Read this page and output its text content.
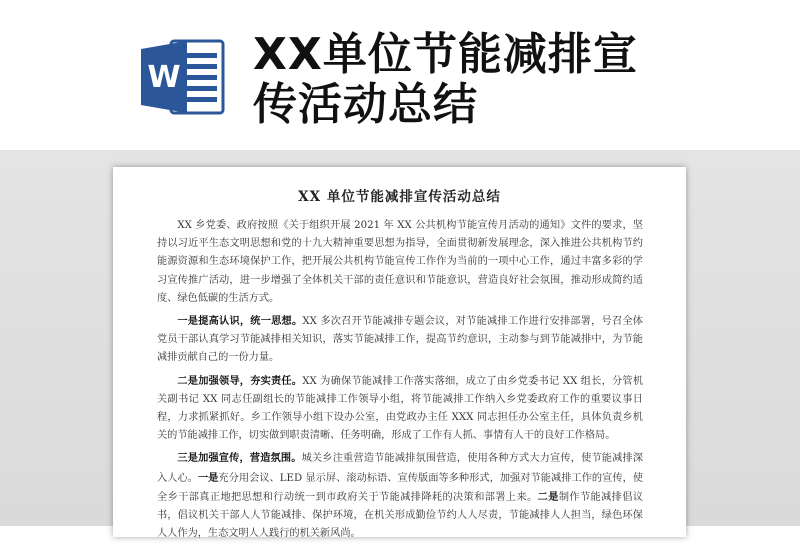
W XX单位节能减排宣
传活动总结
XX 单位节能减排宣传活动总结

XX 乡党委、政府按照《关于组织开展 2021 年 XX 公共机构节能宣传月活动的通知》文件的要求，坚持以习近平生态文明思想和党的十九大精神重要思想为指导，全面贯彻新发展理念，深入推进公共机构节约能源资源和生态环境保护工作，把开展公共机构节能宣传工作作为当前的一项中心工作，通过丰富多彩的学习宣传推广活动，进一步增强了全体机关干部的责任意识和节能意识，营造良好社会氛围，推动形成简约适度、绿色低碳的生活方式。

一是提高认识，统一思想。XX 多次召开节能减排专题会议，对节能减排工作进行安排部署，号召全体党员干部认真学习节能减排相关知识，落实节能减排工作，提高节约意识，主动参与到节能减排中，为节能减排贡献自己的一份力量。

二是加强领导，夯实责任。XX 为确保节能减排工作落实落细，成立了由乡党委书记 XX 组长，分管机关副书记 XX 同志任副组长的节能减排工作领导小组，将节能减排工作纳入乡党委政府工作的重要议事日程，力求抓紧抓好。乡工作领导小组下设办公室，由党政办主任 XXX 同志担任办公室主任，具体负责乡机关的节能减排工作，切实做到职责清晰、任务明确，形成了工作有人抓、事情有人干的良好工作格局。

三是加强宣传，营造氛围。城关乡注重营造节能减排氛围营造，使用各种方式大力宣传，使节能减排深入人心。一是充分用会议、LED 显示屏、滚动标语、宣传版面等多种形式，加强对节能减排工作的宣传，使全乡干部真正地把思想和行动统一到市政府关于节能减排降耗的决策和部署上来。二是制作节能减排倡议书，倡议机关干部人人节能减排、保护环境，在机关形成勤俭节约人人尽责，节能减排人人担当，绿色环保人人作为，生态文明人人践行的机关新风尚。
